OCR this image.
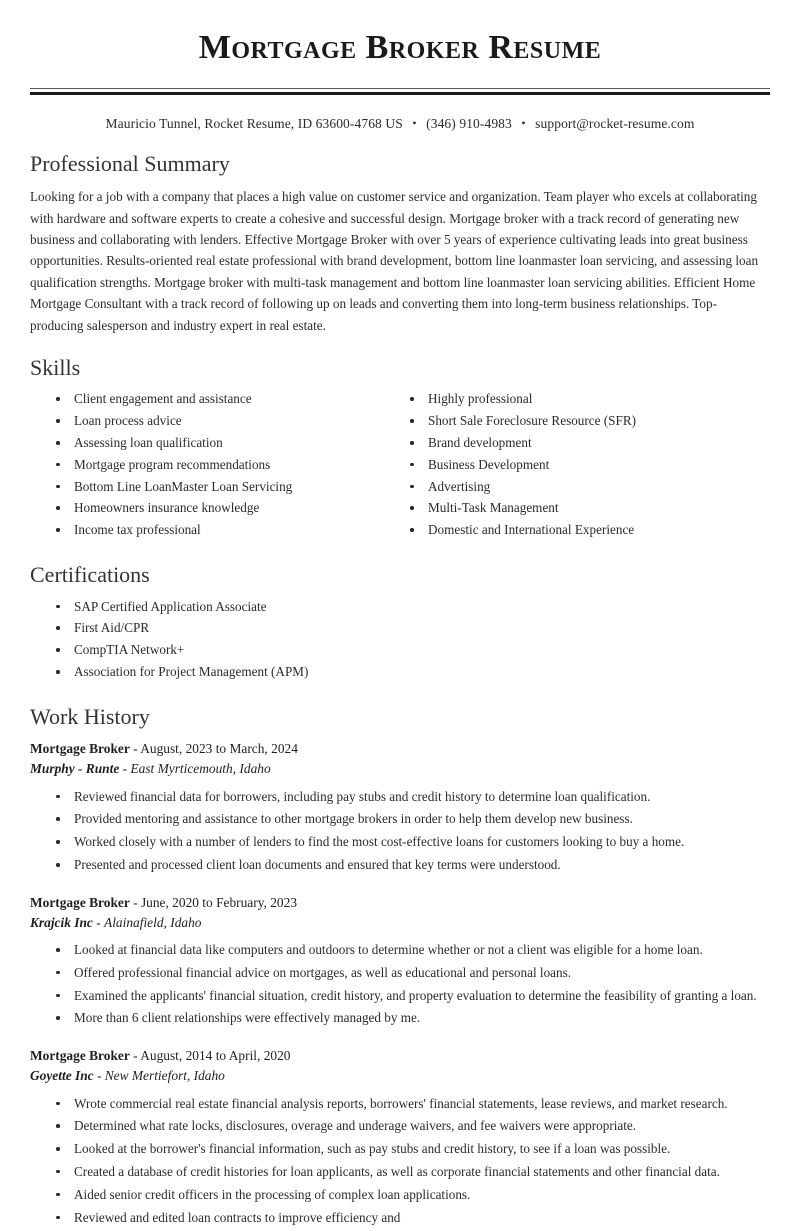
Mortgage Broker Resume
Mauricio Tunnel, Rocket Resume, ID 63600-4768 US • (346) 910-4983 • support@rocket-resume.com
Professional Summary

Looking for a job with a company that places a high value on customer service and organization. Team player who excels at collaborating with hardware and software experts to create a cohesive and successful design. Mortgage broker with a track record of generating new business and collaborating with lenders. Effective Mortgage Broker with over 5 years of experience cultivating leads into great business opportunities. Results-oriented real estate professional with brand development, bottom line loanmaster loan servicing, and assessing loan qualification strengths. Mortgage broker with multi-task management and bottom line loanmaster loan servicing abilities. Efficient Home Mortgage Consultant with a track record of following up on leads and converting them into long-term business relationships. Top-producing salesperson and industry expert in real estate.

Skills
Client engagement and assistance
Loan process advice
Assessing loan qualification
Mortgage program recommendations
Bottom Line LoanMaster Loan Servicing
Homeowners insurance knowledge
Income tax professional
Highly professional
Short Sale Foreclosure Resource (SFR)
Brand development
Business Development
Advertising
Multi-Task Management
Domestic and International Experience
Certifications
SAP Certified Application Associate
First Aid/CPR
CompTIA Network+
Association for Project Management (APM)
Work History
Mortgage Broker - August, 2023 to March, 2024
Murphy - Runte - East Myrticemouth, Idaho
Reviewed financial data for borrowers, including pay stubs and credit history to determine loan qualification.
Provided mentoring and assistance to other mortgage brokers in order to help them develop new business.
Worked closely with a number of lenders to find the most cost-effective loans for customers looking to buy a home.
Presented and processed client loan documents and ensured that key terms were understood.
Mortgage Broker - June, 2020 to February, 2023
Krajcik Inc - Alainafield, Idaho
Looked at financial data like computers and outdoors to determine whether or not a client was eligible for a home loan.
Offered professional financial advice on mortgages, as well as educational and personal loans.
Examined the applicants' financial situation, credit history, and property evaluation to determine the feasibility of granting a loan.
More than 6 client relationships were effectively managed by me.
Mortgage Broker - August, 2014 to April, 2020
Goyette Inc - New Mertiefort, Idaho
Wrote commercial real estate financial analysis reports, borrowers' financial statements, lease reviews, and market research.
Determined what rate locks, disclosures, overage and underage waivers, and fee waivers were appropriate.
Looked at the borrower's financial information, such as pay stubs and credit history, to see if a loan was possible.
Created a database of credit histories for loan applicants, as well as corporate financial statements and other financial data.
Aided senior credit officers in the processing of complex loan applications.
Reviewed and edited loan contracts to improve efficiency and
